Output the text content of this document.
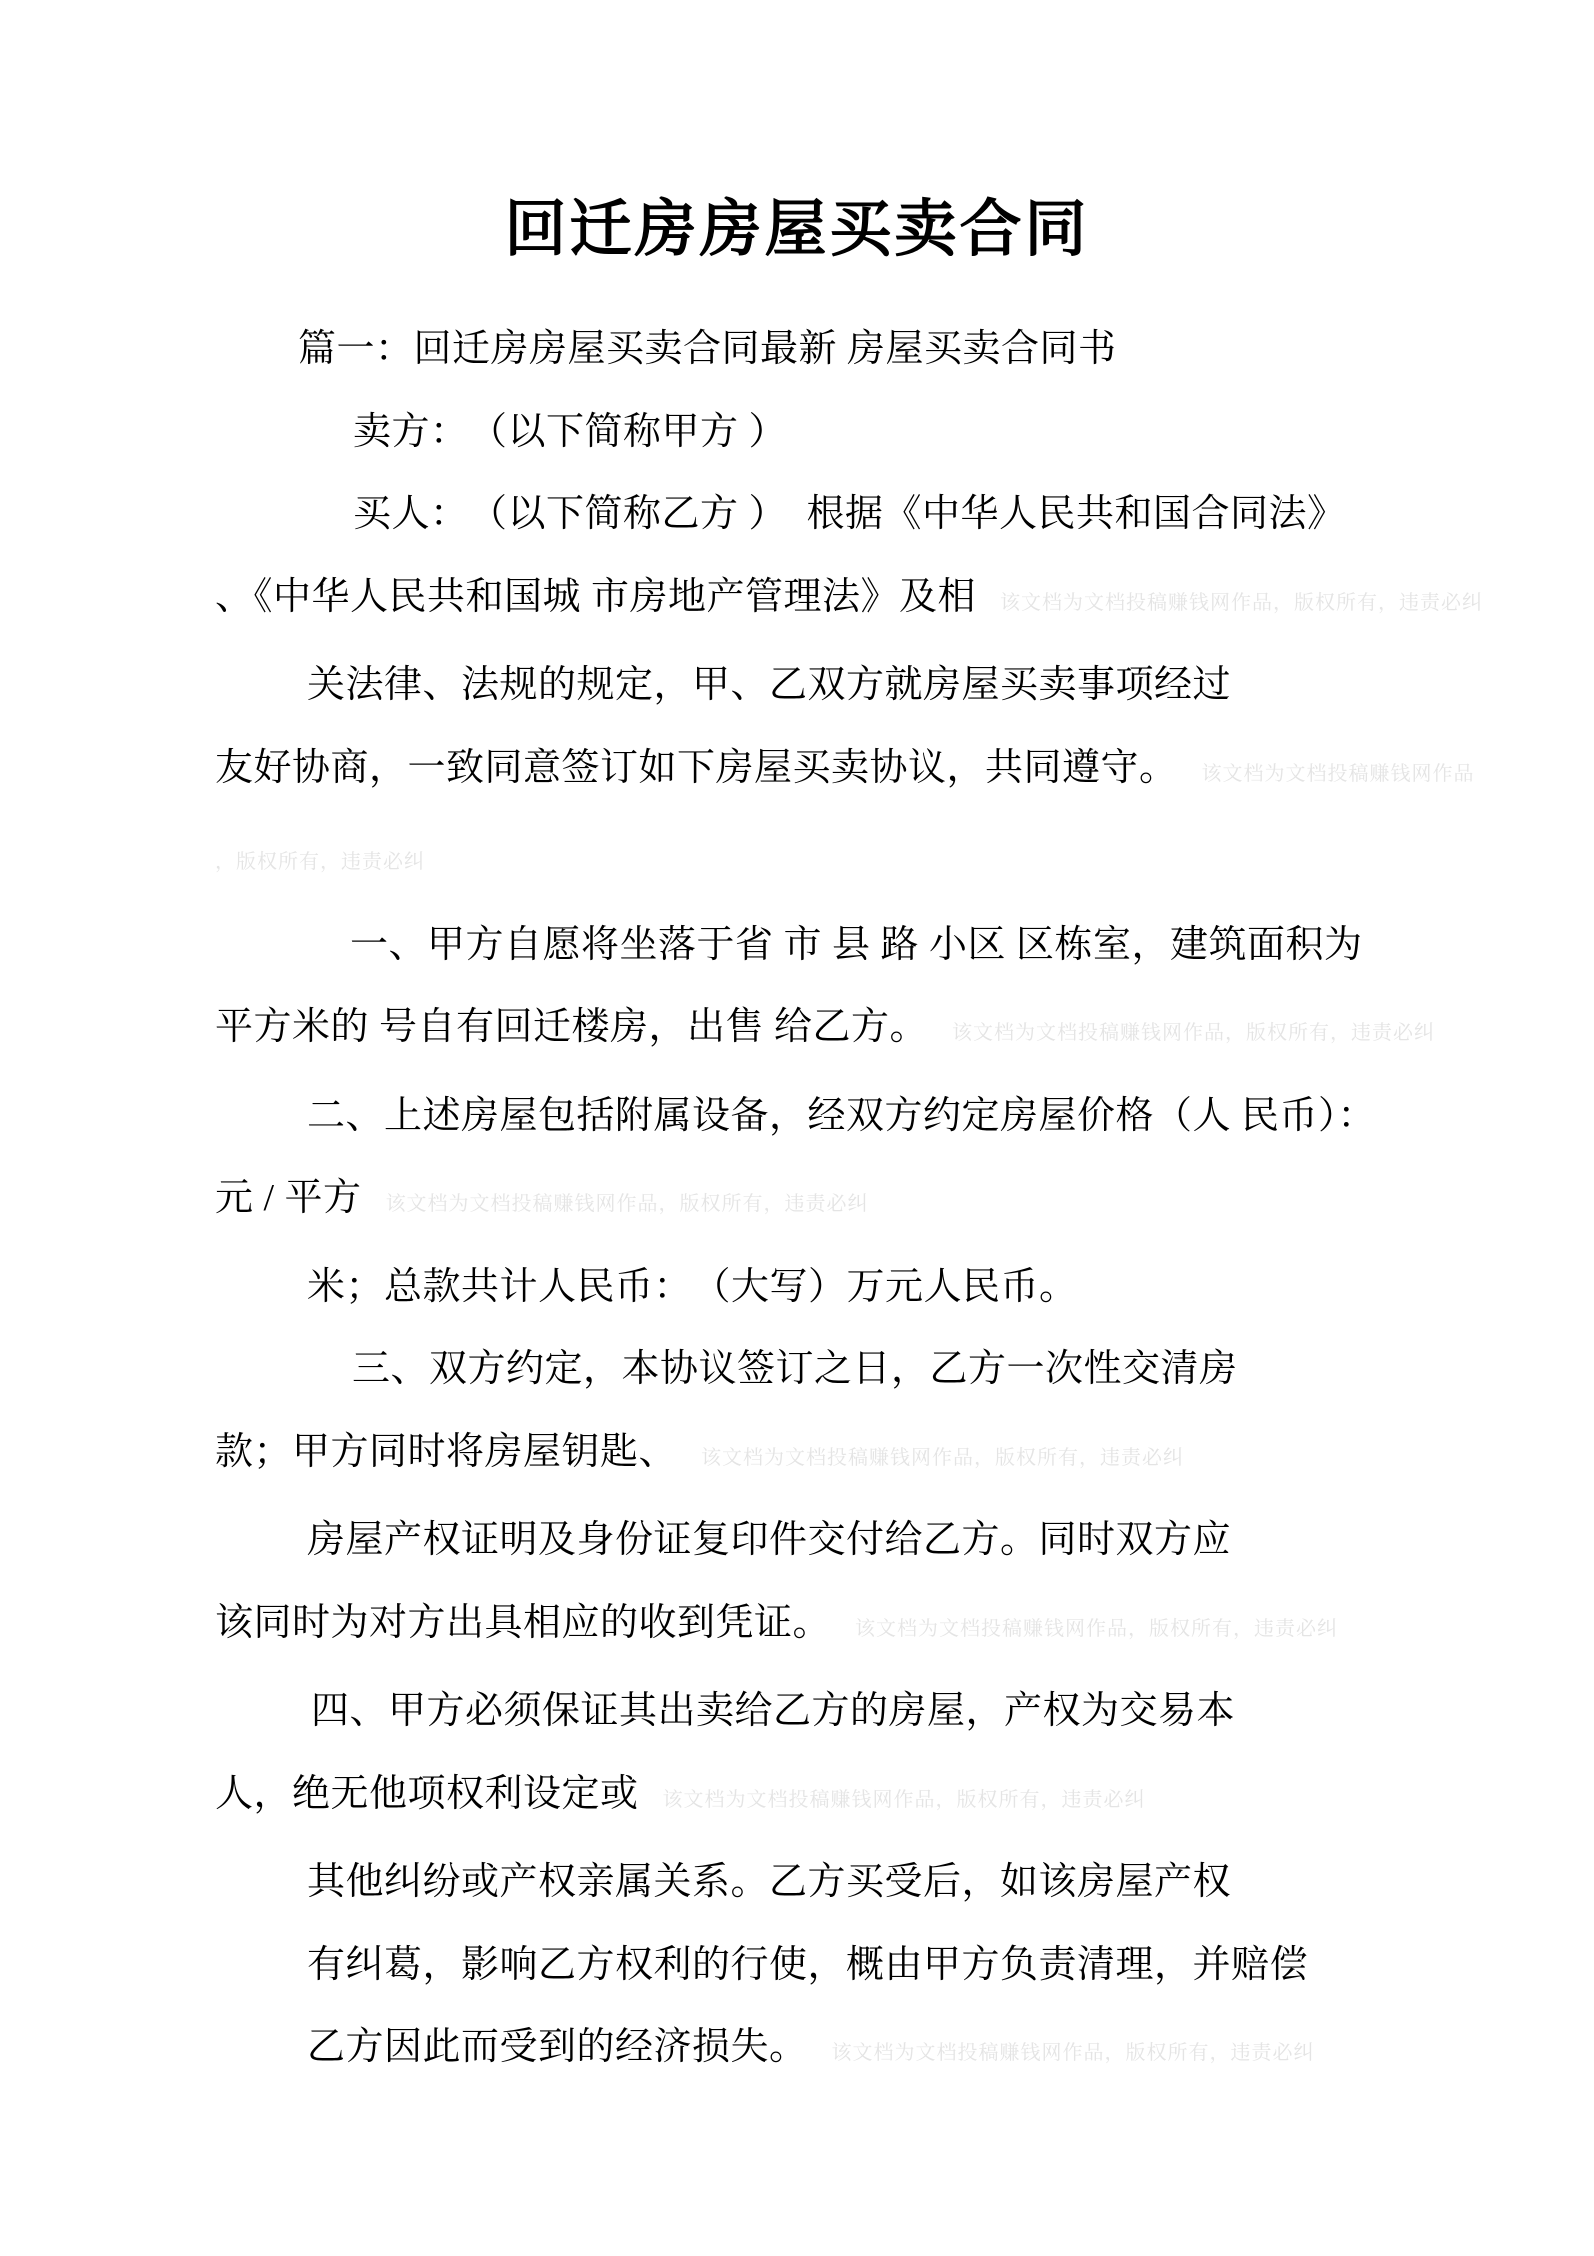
回迁房房屋买卖合同
篇一：回迁房房屋买卖合同最新 房屋买卖合同书
卖方：　（以下简称甲方 ）
买人：　（以下简称乙方 ）　根据《中华人民共和国合同法》
、《中华人民共和国城 市房地产管理法》及相 该文档为文档投稿赚钱网作品，版权所有，违责必纠
关法律、法规的规定，甲、乙双方就房屋买卖事项经过
友好协商，一致同意签订如下房屋买卖协议，共同遵守。 该文档为文档投稿赚钱网作品
，版权所有，违责必纠
一、甲方自愿将坐落于省 市 县 路 小区 区栋室，建筑面积为
平方米的 号自有回迁楼房，出售 给乙方。 该文档为文档投稿赚钱网作品，版权所有，违责必纠
二、上述房屋包括附属设备，经双方约定房屋价格（人 民币）：
元 / 平方 该文档为文档投稿赚钱网作品，版权所有，违责必纠
米；总款共计人民币：　（大写）万元人民币。
三、双方约定，本协议签订之日，乙方一次性交清房
款；甲方同时将房屋钥匙、 该文档为文档投稿赚钱网作品，版权所有，违责必纠
房屋产权证明及身份证复印件交付给乙方。同时双方应
该同时为对方出具相应的收到凭证。 该文档为文档投稿赚钱网作品，版权所有，违责必纠
四、甲方必须保证其出卖给乙方的房屋，产权为交易本
人，绝无他项权利设定或 该文档为文档投稿赚钱网作品，版权所有，违责必纠
其他纠纷或产权亲属关系。乙方买受后，如该房屋产权
有纠葛，影响乙方权利的行使，概由甲方负责清理，并赔偿
乙方因此而受到的经济损失。 该文档为文档投稿赚钱网作品，版权所有，违责必纠
